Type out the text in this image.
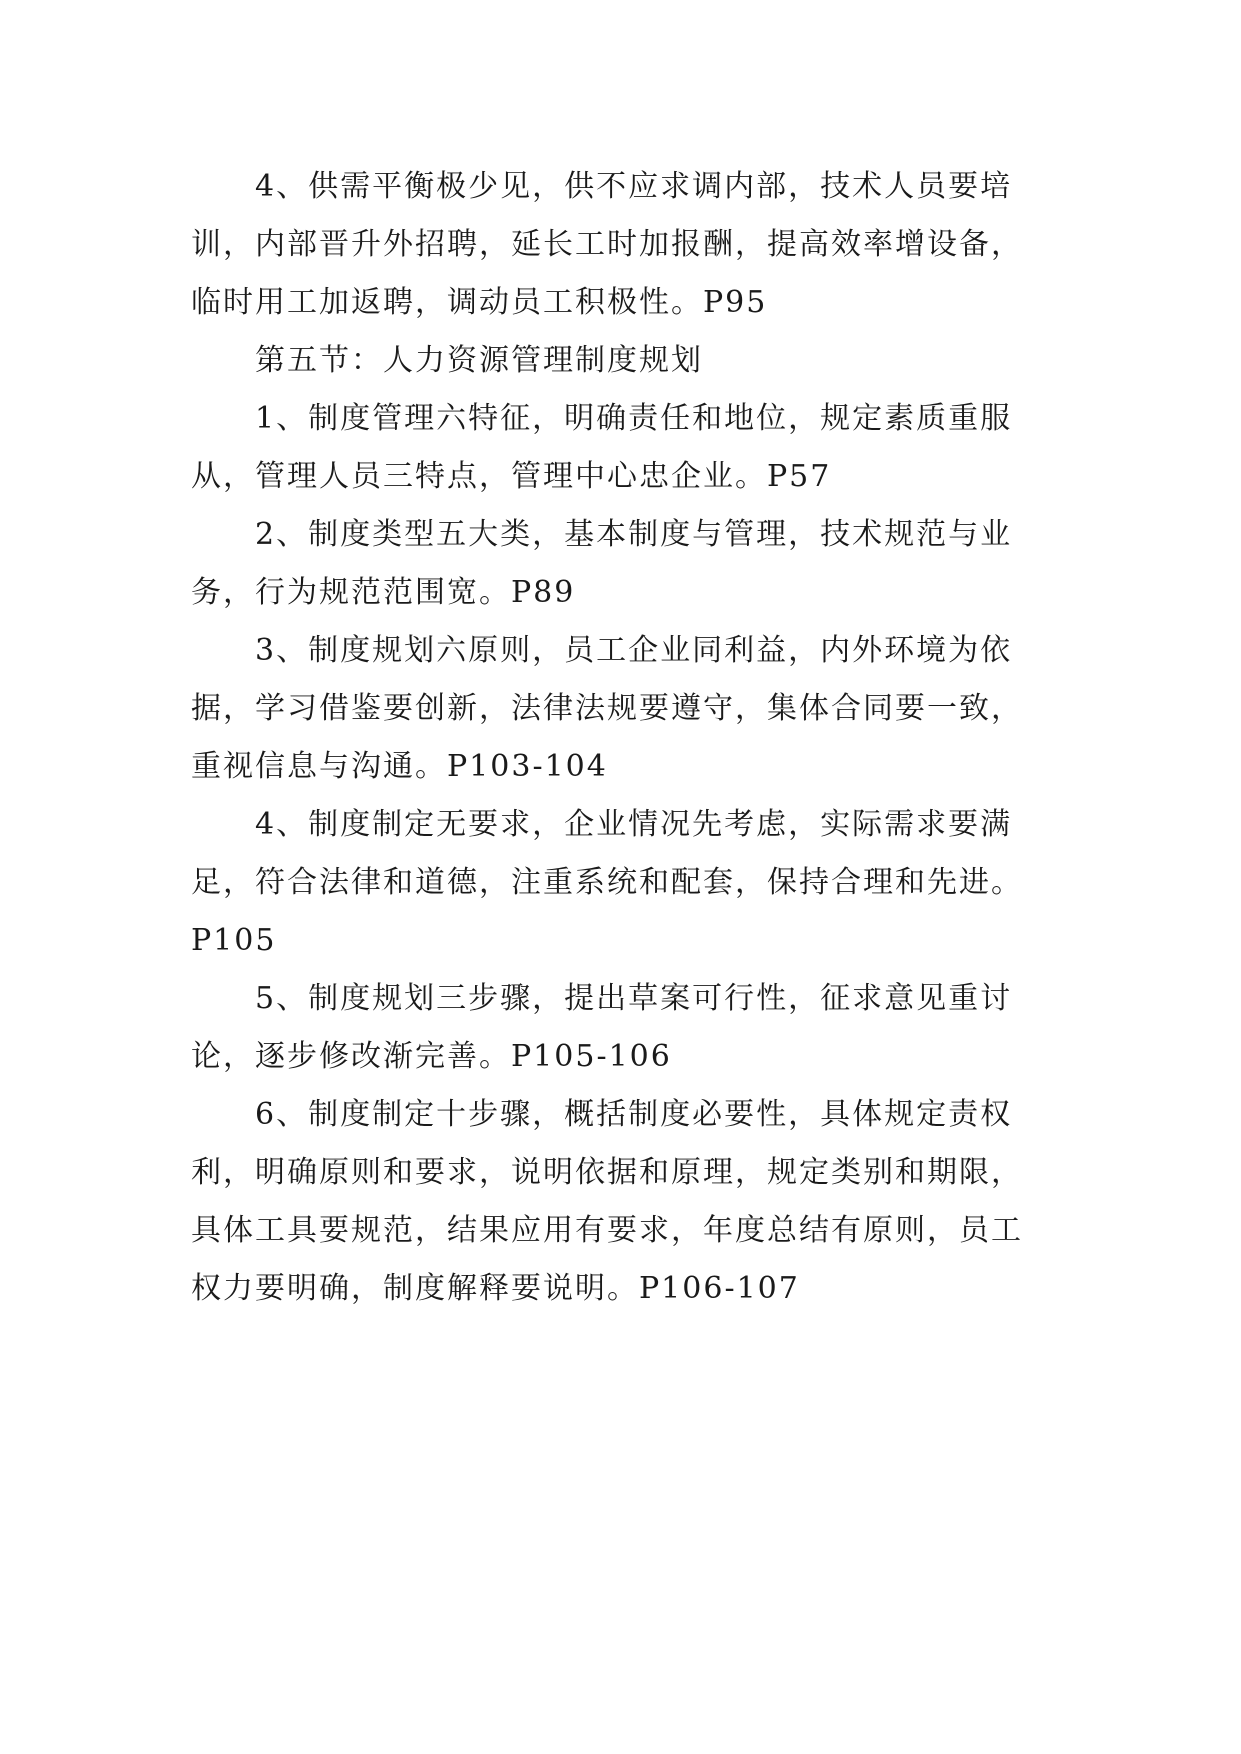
4、供需平衡极少见，供不应求调内部，技术人员要培
训，内部晋升外招聘，延长工时加报酬，提高效率增设备，
临时用工加返聘，调动员工积极性。P95

第五节：人力资源管理制度规划

1、制度管理六特征，明确责任和地位，规定素质重服
从，管理人员三特点，管理中心忠企业。P57

2、制度类型五大类，基本制度与管理，技术规范与业
务，行为规范范围宽。P89

3、制度规划六原则，员工企业同利益，内外环境为依
据，学习借鉴要创新，法律法规要遵守，集体合同要一致，
重视信息与沟通。P103-104

4、制度制定无要求，企业情况先考虑，实际需求要满
足，符合法律和道德，注重系统和配套，保持合理和先进。
P105

5、制度规划三步骤，提出草案可行性，征求意见重讨
论，逐步修改渐完善。P105-106

6、制度制定十步骤，概括制度必要性，具体规定责权
利，明确原则和要求，说明依据和原理，规定类别和期限，
具体工具要规范，结果应用有要求，年度总结有原则，员工
权力要明确，制度解释要说明。P106-107
